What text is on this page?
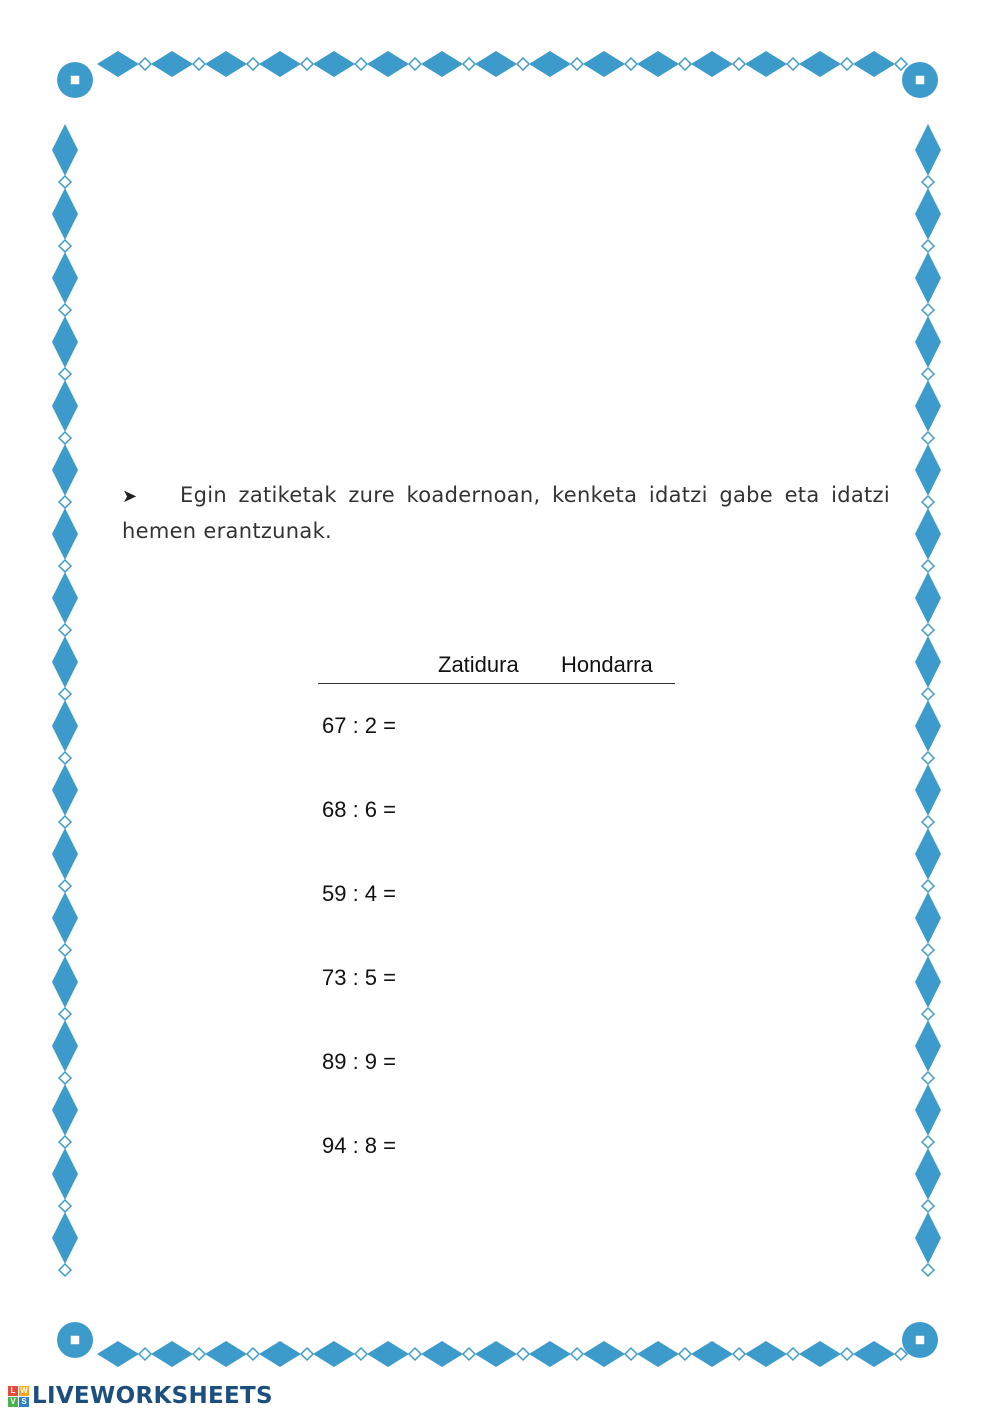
➤ Egin zatiketak zure koadernoan, kenketa idatzi gabe eta idatzi hemen erantzunak.
Zatidura Hondarra
67 : 2 =
68 : 6 =
59 : 4 =
73 : 5 =
89 : 9 =
94 : 8 =
L W
V S LIVEWORKSHEETS
